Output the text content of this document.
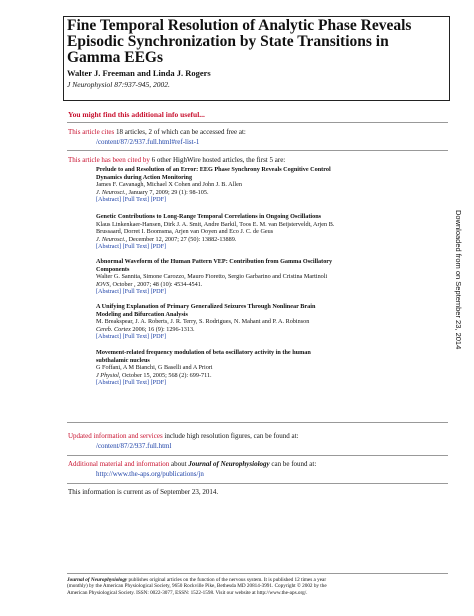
Fine Temporal Resolution of Analytic Phase Reveals
Episodic Synchronization by State Transitions in
Gamma EEGs
Walter J. Freeman and Linda J. Rogers
J Neurophysiol 87:937-945, 2002.
You might find this additional info useful...
This article cites 18 articles, 2 of which can be accessed free at:
/content/87/2/937.full.html#ref-list-1
This article has been cited by 6 other HighWire hosted articles, the first 5 are:
Prelude to and Resolution of an Error: EEG Phase Synchrony Reveals Cognitive Control
Dynamics during Action Monitoring
James F. Cavanagh, Michael X Cohen and John J. B. Allen
J. Neurosci., January 7, 2009; 29 (1): 98-105.
[Abstract] [Full Text] [PDF]
Genetic Contributions to Long-Range Temporal Correlations in Ongoing Oscillations
Klaus Linkenkaer-Hansen, Dirk J. A. Smit, Andre Barkil, Toos E. M. van Beijsterveldt, Arjen B.
Brussaard, Dorret I. Boomsma, Arjen van Ooyen and Eco J. C. de Geus
J. Neurosci., December 12, 2007; 27 (50): 13882-13889.
[Abstract] [Full Text] [PDF]
Abnormal Waveform of the Human Pattern VEP: Contribution from Gamma Oscillatory
Components
Walter G. Sannita, Simone Carozzo, Mauro Fioretto, Sergio Garbarino and Cristina Martinoli
IOVS, October , 2007; 48 (10): 4534-4541.
[Abstract] [Full Text] [PDF]
A Unifying Explanation of Primary Generalized Seizures Through Nonlinear Brain
Modeling and Bifurcation Analysis
M. Breakspear, J. A. Roberts, J. R. Terry, S. Rodrigues, N. Mahant and P. A. Robinson
Cereb. Cortex 2006; 16 (9): 1296-1313.
[Abstract] [Full Text] [PDF]
Movement-related frequency modulation of beta oscillatory activity in the human
subthalamic nucleus
G Foffani, A M Bianchi, G Baselli and A Priori
J Physiol, October 15, 2005; 568 (2): 699-711.
[Abstract] [Full Text] [PDF]
Updated information and services include high resolution figures, can be found at:
/content/87/2/937.full.html
Additional material and information about Journal of Neurophysiology can be found at:
http://www.the-aps.org/publications/jn
This information is current as of September 23, 2014.
Journal of Neurophysiology publishes original articles on the function of the nervous system. It is published 12 times a year
(monthly) by the American Physiological Society, 9650 Rockville Pike, Bethesda MD 20814-3991. Copyright © 2002 by the
American Physiological Society. ISSN: 0022-3077, ESSN: 1522-1598. Visit our website at http://www.the-aps.org/.
Downloaded from on September 23, 2014
